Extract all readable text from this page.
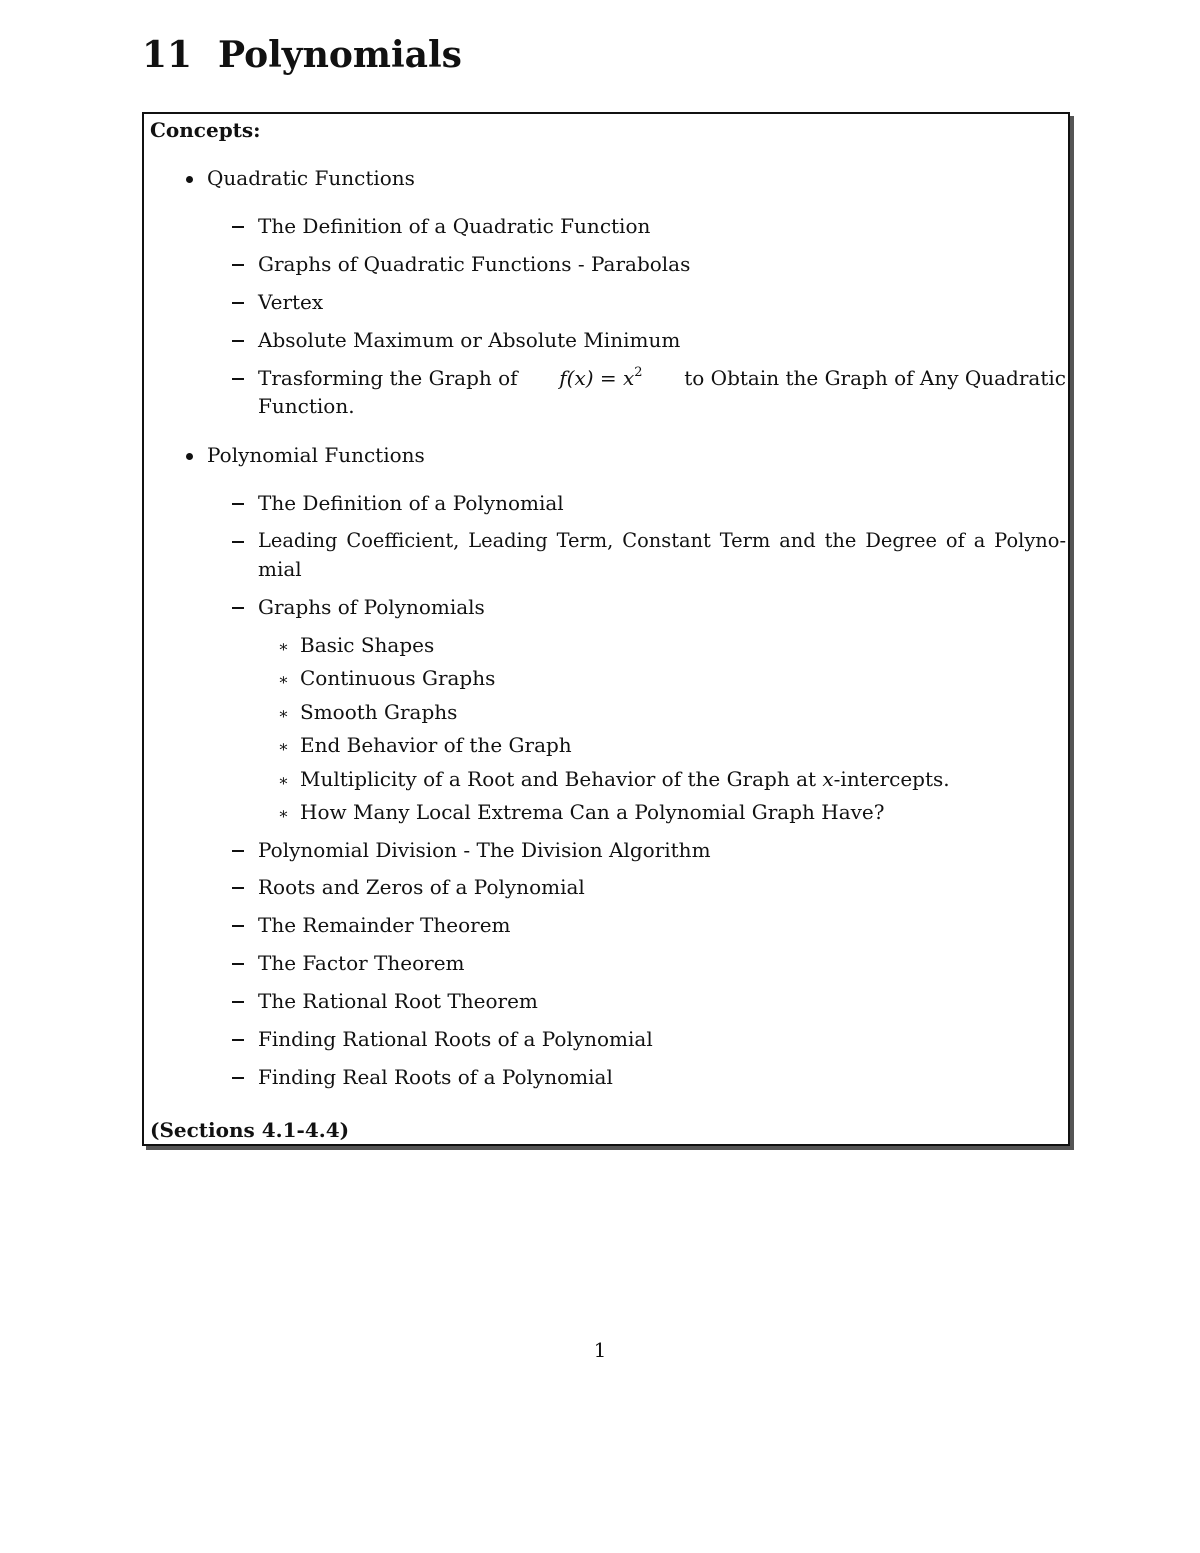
11 Polynomials
Concepts:
Quadratic Functions
The Definition of a Quadratic Function
Graphs of Quadratic Functions - Parabolas
Vertex
Absolute Maximum or Absolute Minimum
Trasforming the Graph of $f(x) = x^2$ to Obtain the Graph of Any Quadratic
Function.
Polynomial Functions
The Definition of a Polynomial
Leading Coefficient, Leading Term, Constant Term and the Degree of a Polyno-
mial
Graphs of Polynomials
∗ Basic Shapes
∗ Continuous Graphs
∗ Smooth Graphs
∗ End Behavior of the Graph
∗ Multiplicity of a Root and Behavior of the Graph at x-intercepts.
∗ How Many Local Extrema Can a Polynomial Graph Have?
Polynomial Division - The Division Algorithm
Roots and Zeros of a Polynomial
The Remainder Theorem
The Factor Theorem
The Rational Root Theorem
Finding Rational Roots of a Polynomial
Finding Real Roots of a Polynomial
(Sections 4.1-4.4)
1
